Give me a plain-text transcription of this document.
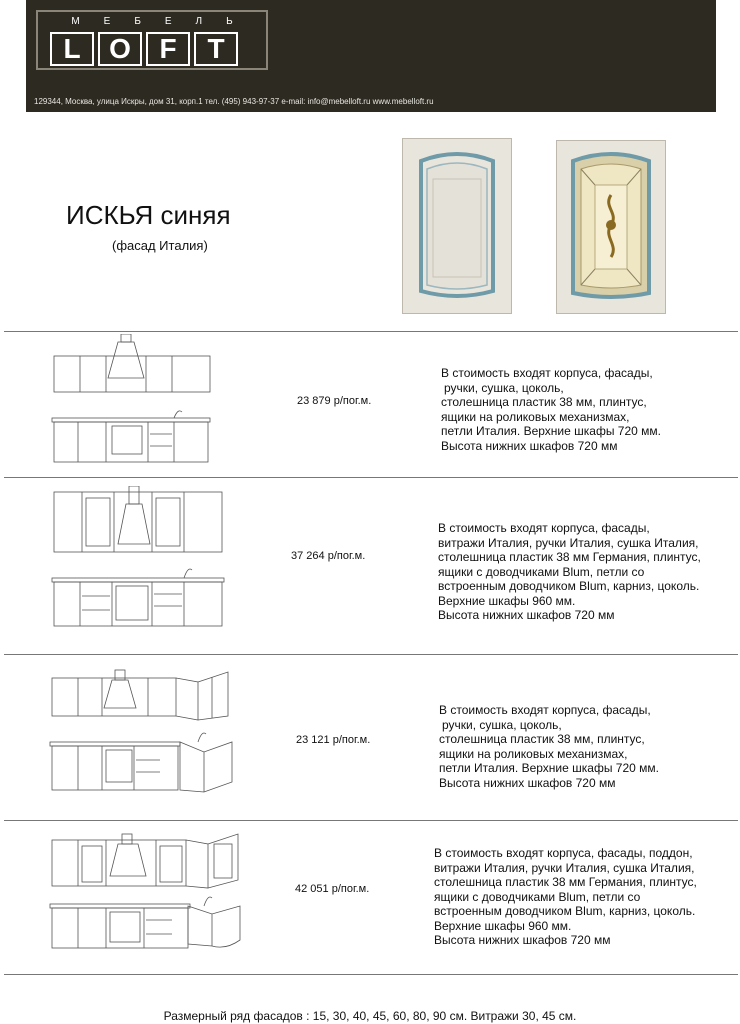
МЕБЕЛЬ
L	O	F	T
129344, Москва, улица Искры, дом 31, корп.1 тел. (495) 943-97-37 e-mail: info@mebelloft.ru www.mebelloft.ru
ИСКЬЯ синяя
(фасад Италия)
23 879 р/пог.м.
В стоимость входят корпуса, фасады,
ручки, сушка, цоколь,
столешница пластик 38 мм, плинтус,
ящики на роликовых механизмах,
петли Италия. Верхние шкафы 720 мм.
Высота нижних шкафов 720 мм
37 264 р/пог.м.
В стоимость входят корпуса, фасады,
витражи Италия, ручки Италия, сушка Италия,
столешница пластик 38 мм Германия, плинтус,
ящики с доводчиками Blum, петли со
встроенным доводчиком Blum, карниз, цоколь.
Верхние шкафы 960 мм.
Высота нижних шкафов 720 мм
23 121 р/пог.м.
В стоимость входят корпуса, фасады,
ручки, сушка, цоколь,
столешница пластик 38 мм, плинтус,
ящики на роликовых механизмах,
петли Италия. Верхние шкафы 720 мм.
Высота нижних шкафов 720 мм
42 051 р/пог.м.
В стоимость входят корпуса, фасады, поддон,
витражи Италия, ручки Италия, сушка Италия,
столешница пластик 38 мм Германия, плинтус,
ящики с доводчиками Blum, петли со
встроенным доводчиком Blum, карниз, цоколь.
Верхние шкафы 960 мм.
Высота нижних шкафов 720 мм
Размерный ряд фасадов : 15, 30, 40, 45, 60, 80, 90 см. Витражи 30, 45 см.
